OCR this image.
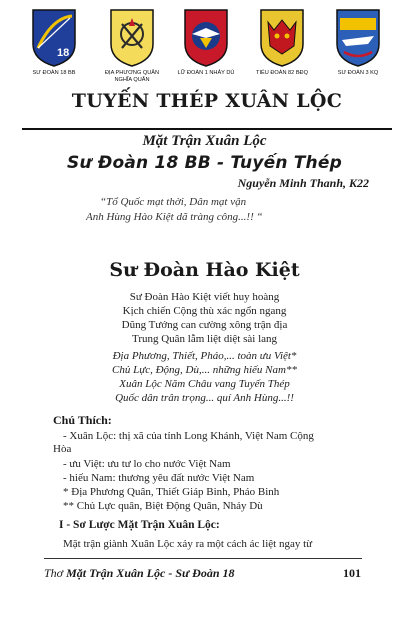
18
SƯ ĐOÀN 18 BB	ĐỊA PHƯƠNG QUÂN NGHĨA QUÂN
LỮ ĐOÀN 1 NHẢY DÙ	TIỂU ĐOÀN 82 BĐQ	SƯ ĐOÀN 3 KQ
TUYẾN THÉP XUÂN LỘC
Mặt Trận Xuân Lộc
Sư Đoàn 18 BB - Tuyến Thép
Nguyễn Minh Thanh, K22
“Tổ Quốc mạt thời, Dân mạt vận
Anh Hùng Hào Kiệt dã tràng công...!! “
Sư Đoàn Hào Kiệt
Sư Đoàn Hào Kiệt viết huy hoàng
Kịch chiến Cộng thù xác ngổn ngang
Dũng Tướng can cường xông trận địa
Trung Quân lẫm liệt diệt sài lang
Địa Phương, Thiết, Pháo,... toàn ưu Việt*
Chủ Lực, Động, Dù,... những hiếu Nam**
Xuân Lộc Năm Châu vang Tuyến Thép
Quốc dân trân trọng... quí Anh Hùng...!!
Chú Thích:
- Xuân Lộc: thị xã của tỉnh Long Khánh, Việt Nam Cộng
Hòa
- ưu Việt: ưu tư lo cho nước Việt Nam
- hiếu Nam: thương yêu đất nước Việt Nam
* Địa Phương Quân, Thiết Giáp Binh, Pháo Binh
** Chủ Lực quân, Biệt Động Quân, Nhảy Dù
I - Sơ Lược Mặt Trận Xuân Lộc:
Mặt trận giành Xuân Lộc xảy ra một cách ác liệt ngay từ
Thơ Mặt Trận Xuân Lộc - Sư Đoàn 18	101
